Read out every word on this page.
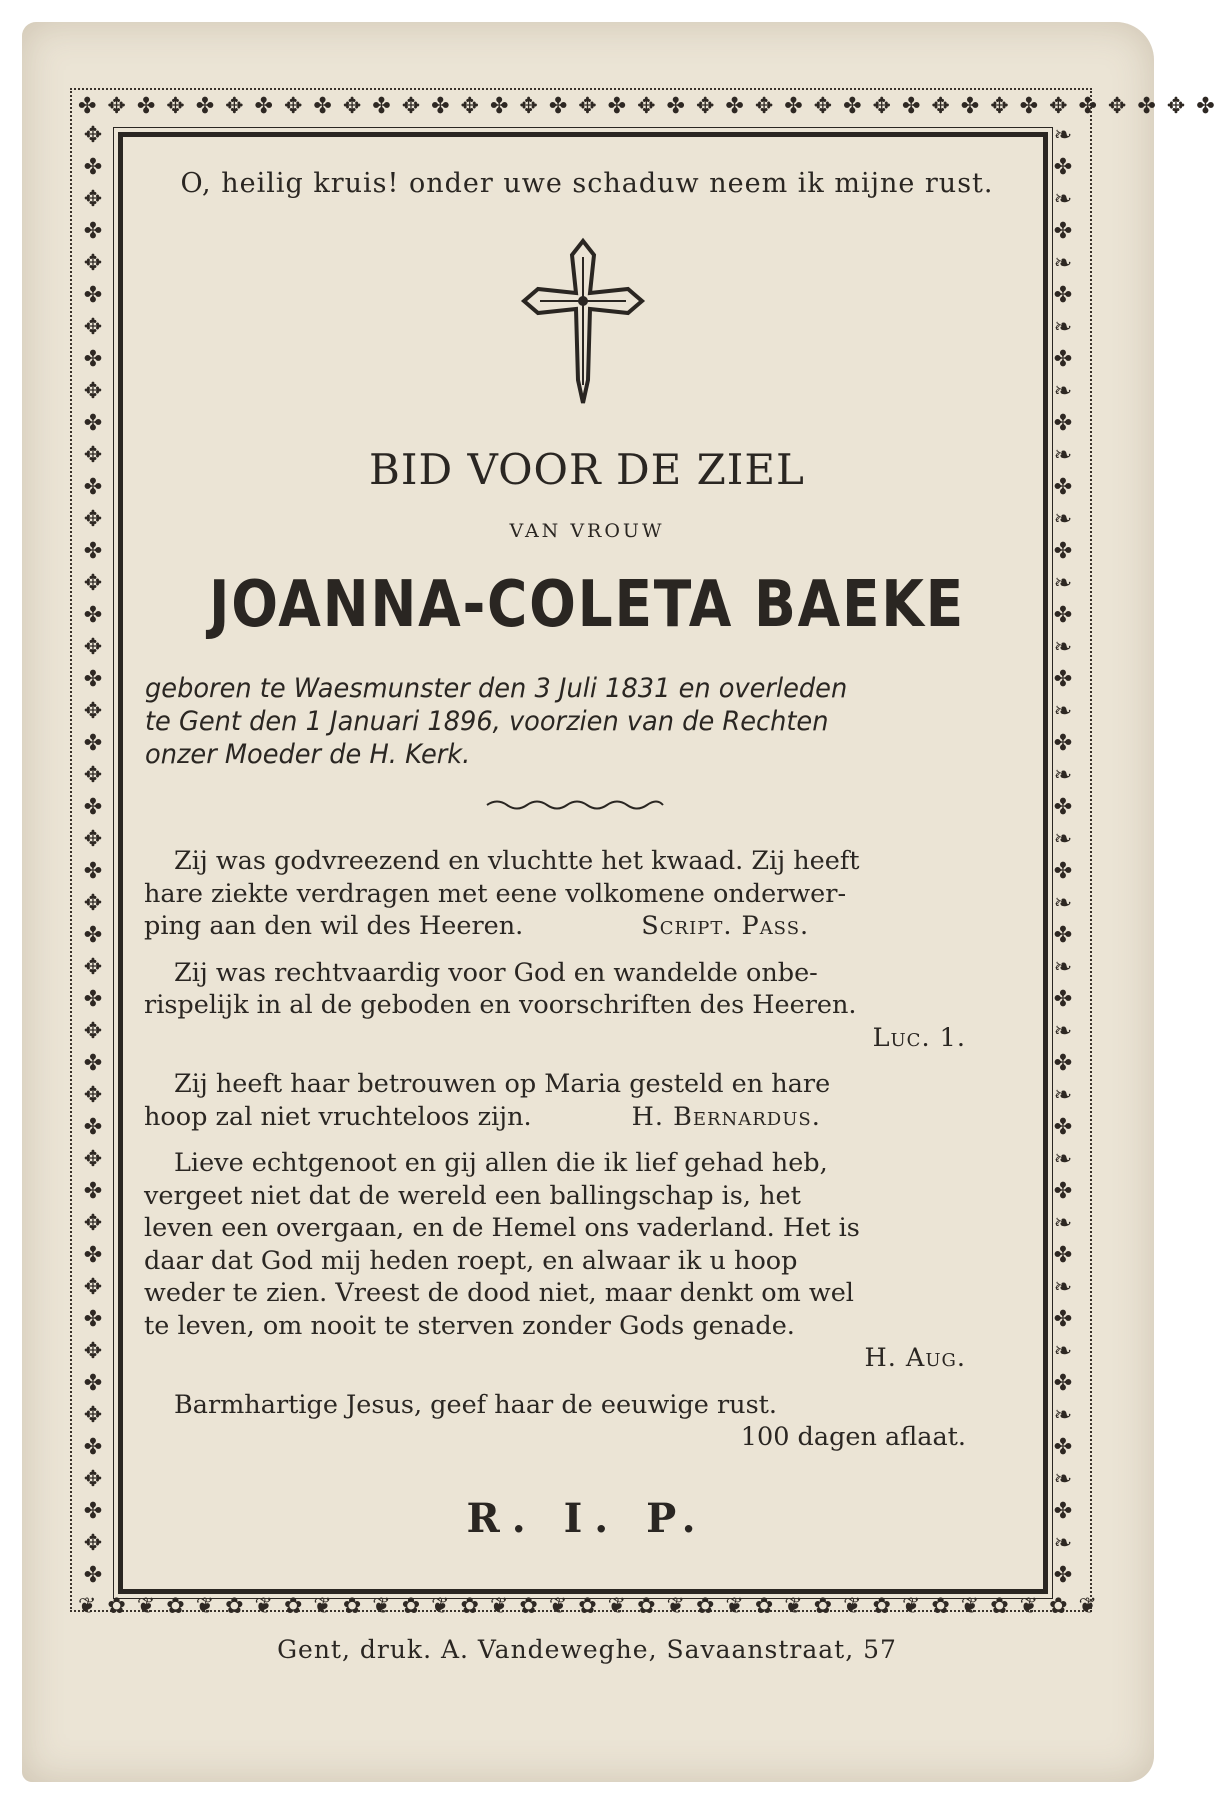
✤ ✥ ✤ ✥ ✤ ✥ ✤ ✥ ✤ ✥ ✤ ✥ ✤ ✥ ✤ ✥ ✤ ✥ ✤ ✥ ✤ ✥ ✤ ✥ ✤ ✥ ✤ ✥ ✤ ✥ ✤ ✥ ✤ ✥ ✤ ✥ ✤ ✥ ✤
❦ ✿ ❦ ✿ ❦ ✿ ❦ ✿ ❦ ✿ ❦ ✿ ❦ ✿ ❦ ✿ ❦ ✿ ❦ ✿ ❦ ✿ ❦ ✿ ❦ ✿ ❦ ✿ ❦ ✿ ❦ ✿ ❦ ✿ ❦
✥
✤
✥
✤
✥
✤
✥
✤
✥
✤
✥
✤
✥
✤
✥
✤
✥
✤
✥
✤
✥
✤
✥
✤
✥
✤
✥
✤
✥
✤
✥
✤
✥
✤
✥
✤
✥
✤
✥
✤
✥
✤
✥
✤
✥
✤
❧
✤
❧
✤
❧
✤
❧
✤
❧
✤
❧
✤
❧
✤
❧
✤
❧
✤
❧
✤
❧
✤
❧
✤
❧
✤
❧
✤
❧
✤
❧
✤
❧
✤
❧
✤
❧
✤
❧
✤
❧
✤
❧
✤
❧
✤
O, heilig kruis! onder uwe schaduw neem ik mijne rust.
BID VOOR DE ZIEL
VAN VROUW
JOANNA-COLETA BAEKE
geboren te Waesmunster den 3 Juli 1831 en overleden
te Gent den 1 Januari 1896, voorzien van de Rechten
onzer Moeder de H. Kerk.
Zij was godvreezend en vluchtte het kwaad. Zij heeft
hare ziekte verdragen met eene volkomene onderwer-
ping aan den wil des Heeren.	Script. Pass.
Zij was rechtvaardig voor God en wandelde onbe-
rispelijk in al de geboden en voorschriften des Heeren.
Luc. 1.
Zij heeft haar betrouwen op Maria gesteld en hare
hoop zal niet vruchteloos zijn.	H. Bernardus.
Lieve echtgenoot en gij allen die ik lief gehad heb,
vergeet niet dat de wereld een ballingschap is, het
leven een overgaan, en de Hemel ons vaderland. Het is
daar dat God mij heden roept, en alwaar ik u hoop
weder te zien. Vreest de dood niet, maar denkt om wel
te leven, om nooit te sterven zonder Gods genade.
H. Aug.
Barmhartige Jesus, geef haar de eeuwige rust.
100 dagen aflaat.
R. I. P.
Gent, druk. A. Vandeweghe, Savaanstraat, 57
